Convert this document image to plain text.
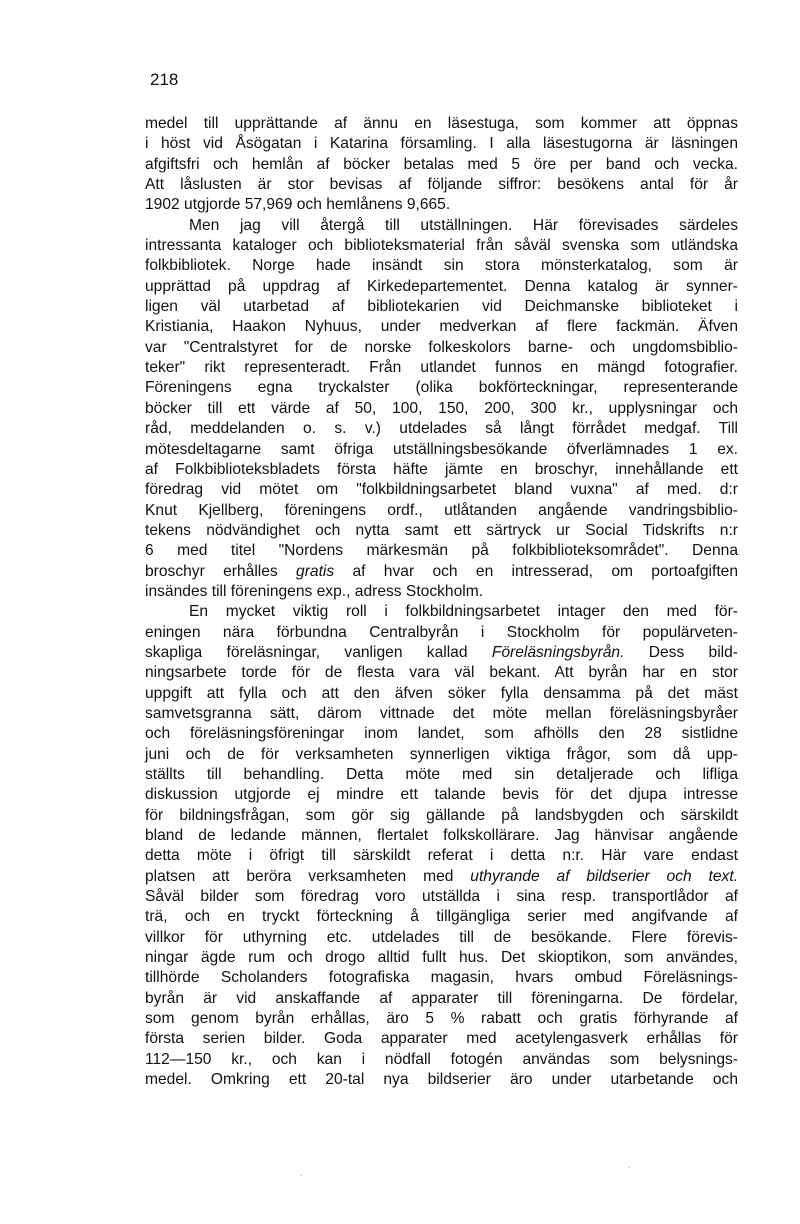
218
medel till upprättande af ännu en läsestuga, som kommer att öppnas
i höst vid Åsögatan i Katarina församling. I alla läsestugorna är läsningen
afgiftsfri och hemlån af böcker betalas med 5 öre per band och vecka.
Att låslusten är stor bevisas af följande siffror: besökens antal för år
1902 utgjorde 57,969 och hemlånens 9,665.
Men jag vill återgå till utställningen. Här förevisades särdeles
intressanta kataloger och biblioteksmaterial från såväl svenska som utländska
folkbibliotek. Norge hade insändt sin stora mönsterkatalog, som är
upprättad på uppdrag af Kirkedepartementet. Denna katalog är synner-
ligen väl utarbetad af bibliotekarien vid Deichmanske biblioteket i
Kristiania, Haakon Nyhuus, under medverkan af flere fackmän. Äfven
var "Centralstyret for de norske folkeskolors barne- och ungdomsbiblio-
teker" rikt representeradt. Från utlandet funnos en mängd fotografier.
Föreningens egna tryckalster (olika bokförteckningar, representerande
böcker till ett värde af 50, 100, 150, 200, 300 kr., upplysningar och
råd, meddelanden o. s. v.) utdelades så långt förrådet medgaf. Till
mötesdeltagarne samt öfriga utställningsbesökande öfverlämnades 1 ex.
af Folkbiblioteksbladets första häfte jämte en broschyr, innehållande ett
föredrag vid mötet om "folkbildningsarbetet bland vuxna" af med. d:r
Knut Kjellberg, föreningens ordf., utlåtanden angående vandringsbiblio-
tekens nödvändighet och nytta samt ett särtryck ur Social Tidskrifts n:r
6 med titel "Nordens märkesmän på folkbiblioteksområdet". Denna
broschyr erhålles gratis af hvar och en intresserad, om portoafgiften
insändes till föreningens exp., adress Stockholm.
En mycket viktig roll i folkbildningsarbetet intager den med för-
eningen nära förbundna Centralbyrån i Stockholm för populärveten-
skapliga föreläsningar, vanligen kallad Föreläsningsbyrån. Dess bild-
ningsarbete torde för de flesta vara väl bekant. Att byrån har en stor
uppgift att fylla och att den äfven söker fylla densamma på det mäst
samvetsgranna sätt, därom vittnade det möte mellan föreläsningsbyråer
och föreläsningsföreningar inom landet, som afhölls den 28 sistlidne
juni och de för verksamheten synnerligen viktiga frågor, som då upp-
ställts till behandling. Detta möte med sin detaljerade och lifliga
diskussion utgjorde ej mindre ett talande bevis för det djupa intresse
för bildningsfrågan, som gör sig gällande på landsbygden och särskildt
bland de ledande männen, flertalet folkskollärare. Jag hänvisar angående
detta möte i öfrigt till särskildt referat i detta n:r. Här vare endast
platsen att beröra verksamheten med uthyrande af bildserier och text.
Såväl bilder som föredrag voro utställda i sina resp. transportlådor af
trä, och en tryckt förteckning å tillgängliga serier med angifvande af
villkor för uthyrning etc. utdelades till de besökande. Flere förevis-
ningar ägde rum och drogo alltid fullt hus. Det skioptikon, som användes,
tillhörde Scholanders fotografiska magasin, hvars ombud Föreläsnings-
byrån är vid anskaffande af apparater till föreningarna. De fördelar,
som genom byrån erhållas, äro 5 % rabatt och gratis förhyrande af
första serien bilder. Goda apparater med acetylengasverk erhållas för
112—150 kr., och kan i nödfall fotogén användas som belysnings-
medel. Omkring ett 20-tal nya bildserier äro under utarbetande och
.
.
